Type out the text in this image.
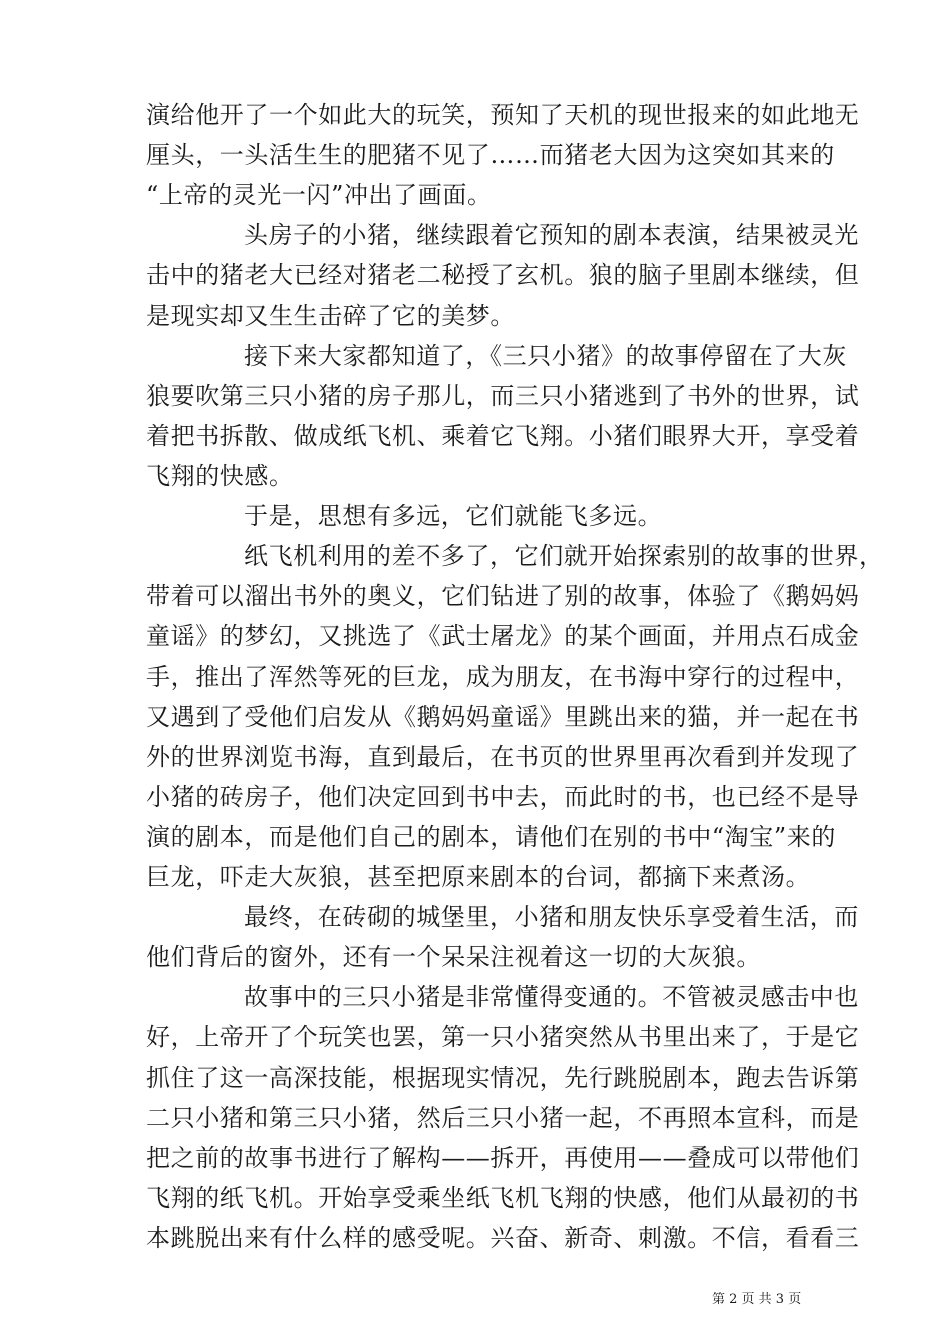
演给他开了一个如此大的玩笑，预知了天机的现世报来的如此地无
厘头，一头活生生的肥猪不见了……而猪老大因为这突如其来的
“上帝的灵光一闪”冲出了画面。
头房子的小猪，继续跟着它预知的剧本表演，结果被灵光
击中的猪老大已经对猪老二秘授了玄机。狼的脑子里剧本继续，但
是现实却又生生击碎了它的美梦。
接下来大家都知道了，《三只小猪》的故事停留在了大灰
狼要吹第三只小猪的房子那儿，而三只小猪逃到了书外的世界，试
着把书拆散、做成纸飞机、乘着它飞翔。小猪们眼界大开，享受着
飞翔的快感。
于是，思想有多远，它们就能飞多远。
纸飞机利用的差不多了，它们就开始探索别的故事的世界，
带着可以溜出书外的奥义，它们钻进了别的故事，体验了《鹅妈妈
童谣》的梦幻，又挑选了《武士屠龙》的某个画面，并用点石成金
手，推出了浑然等死的巨龙，成为朋友，在书海中穿行的过程中，
又遇到了受他们启发从《鹅妈妈童谣》里跳出来的猫，并一起在书
外的世界浏览书海，直到最后，在书页的世界里再次看到并发现了
小猪的砖房子，他们决定回到书中去，而此时的书，也已经不是导
演的剧本，而是他们自己的剧本，请他们在别的书中“淘宝”来的
巨龙，吓走大灰狼，甚至把原来剧本的台词，都摘下来煮汤。
最终，在砖砌的城堡里，小猪和朋友快乐享受着生活，而
他们背后的窗外，还有一个呆呆注视着这一切的大灰狼。
故事中的三只小猪是非常懂得变通的。不管被灵感击中也
好，上帝开了个玩笑也罢，第一只小猪突然从书里出来了，于是它
抓住了这一高深技能，根据现实情况，先行跳脱剧本，跑去告诉第
二只小猪和第三只小猪，然后三只小猪一起，不再照本宣科，而是
把之前的故事书进行了解构——拆开，再使用——叠成可以带他们
飞翔的纸飞机。开始享受乘坐纸飞机飞翔的快感，他们从最初的书
本跳脱出来有什么样的感受呢。兴奋、新奇、刺激。不信，看看三
第 2 页 共 3 页
